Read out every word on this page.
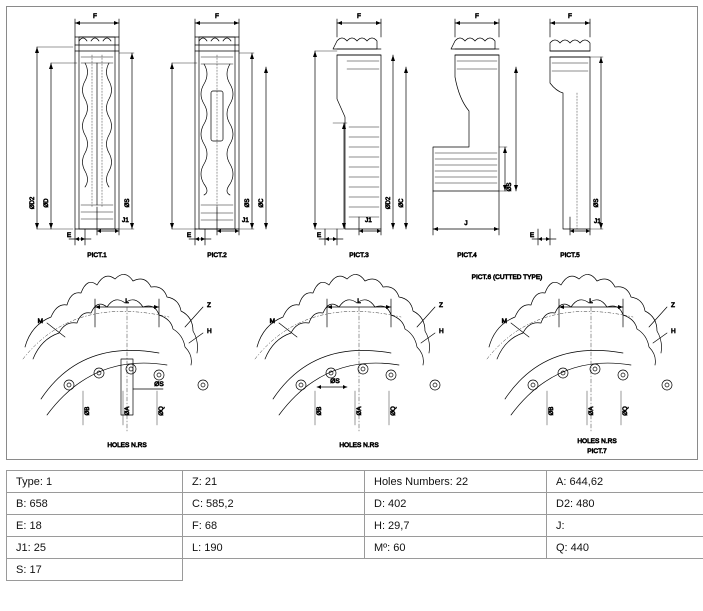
F
ØD2 ØD	ØS
E
J1
PICT.1
F
ØS ØC
E
J1
PICT.2
F
ØD2 ØC
E
J1
PICT.3
F
ØS
J
PICT.4
F
ØS
E
J1
PICT.5
PICT.6 (CUTTED TYPE)
L
Z
M
H
ØS
ØB	ØA	ØQ
HOLES N.RS
L
Z
M
H
ØS
ØB	ØA	ØQ
HOLES N.RS
L
Z
M
H
ØB	ØA	ØQ
HOLES N.RS
PICT.7
Type: 1	Z: 21	Holes Numbers: 22	A: 644,62
B: 658	C: 585,2	D: 402	D2: 480
E: 18	F: 68	H: 29,7	J:
J1: 25	L: 190	Mº: 60	Q: 440
S: 17			
